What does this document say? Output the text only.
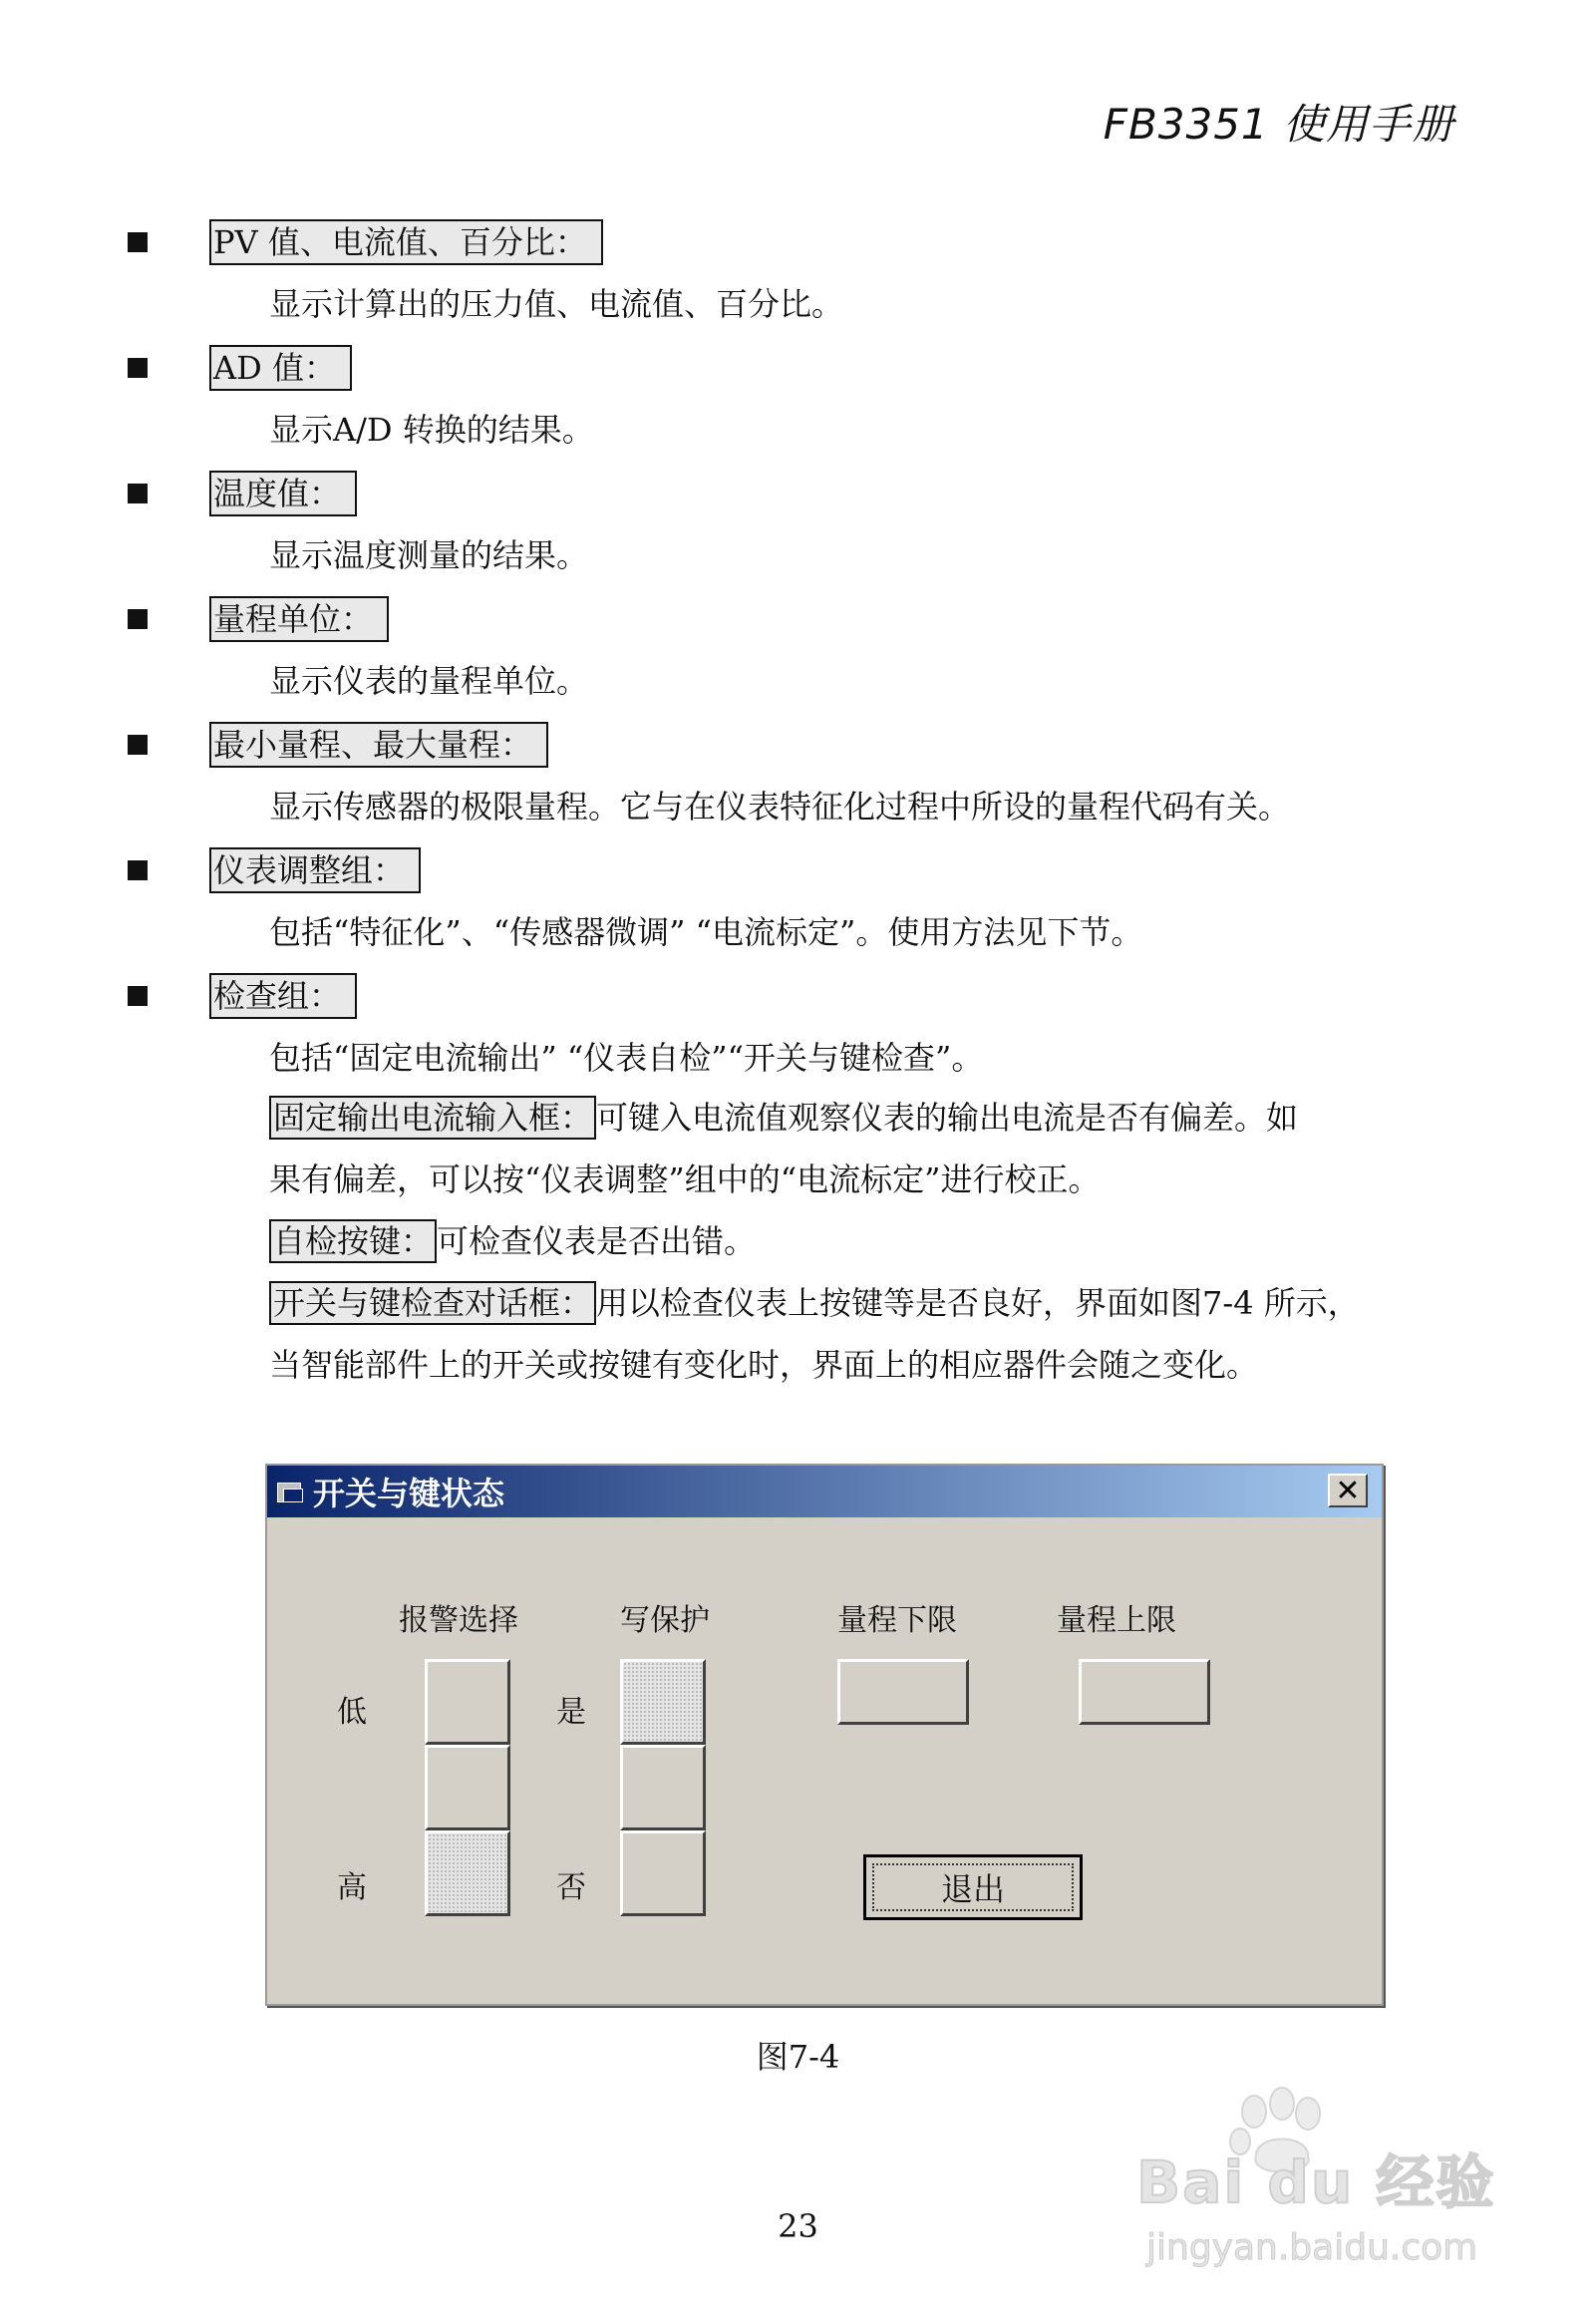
FB3351 使用手册
PV 值、电流值、百分比：
显示计算出的压力值、电流值、百分比。
AD 值：
显示A/D 转换的结果。
温度值：
显示温度测量的结果。
量程单位：
显示仪表的量程单位。
最小量程、最大量程：
显示传感器的极限量程。它与在仪表特征化过程中所设的量程代码有关。
仪表调整组：
包括“特征化”、“传感器微调” “电流标定”。使用方法见下节。
检查组：
包括“固定电流输出” “仪表自检”“开关与键检查”。
固定输出电流输入框： 可键入电流值观察仪表的输出电流是否有偏差。如
果有偏差，可以按“仪表调整”组中的“电流标定”进行校正。
自检按键： 可检查仪表是否出错。
开关与键检查对话框： 用以检查仪表上按键等是否良好，界面如图7-4 所示，
当智能部件上的开关或按键有变化时，界面上的相应器件会随之变化。
开关与键状态	✕
报警选择	写保护	量程下限	量程上限
低
高
是
否	退出
图7-4
23
Bai du 经验
jingyan.baidu.com
